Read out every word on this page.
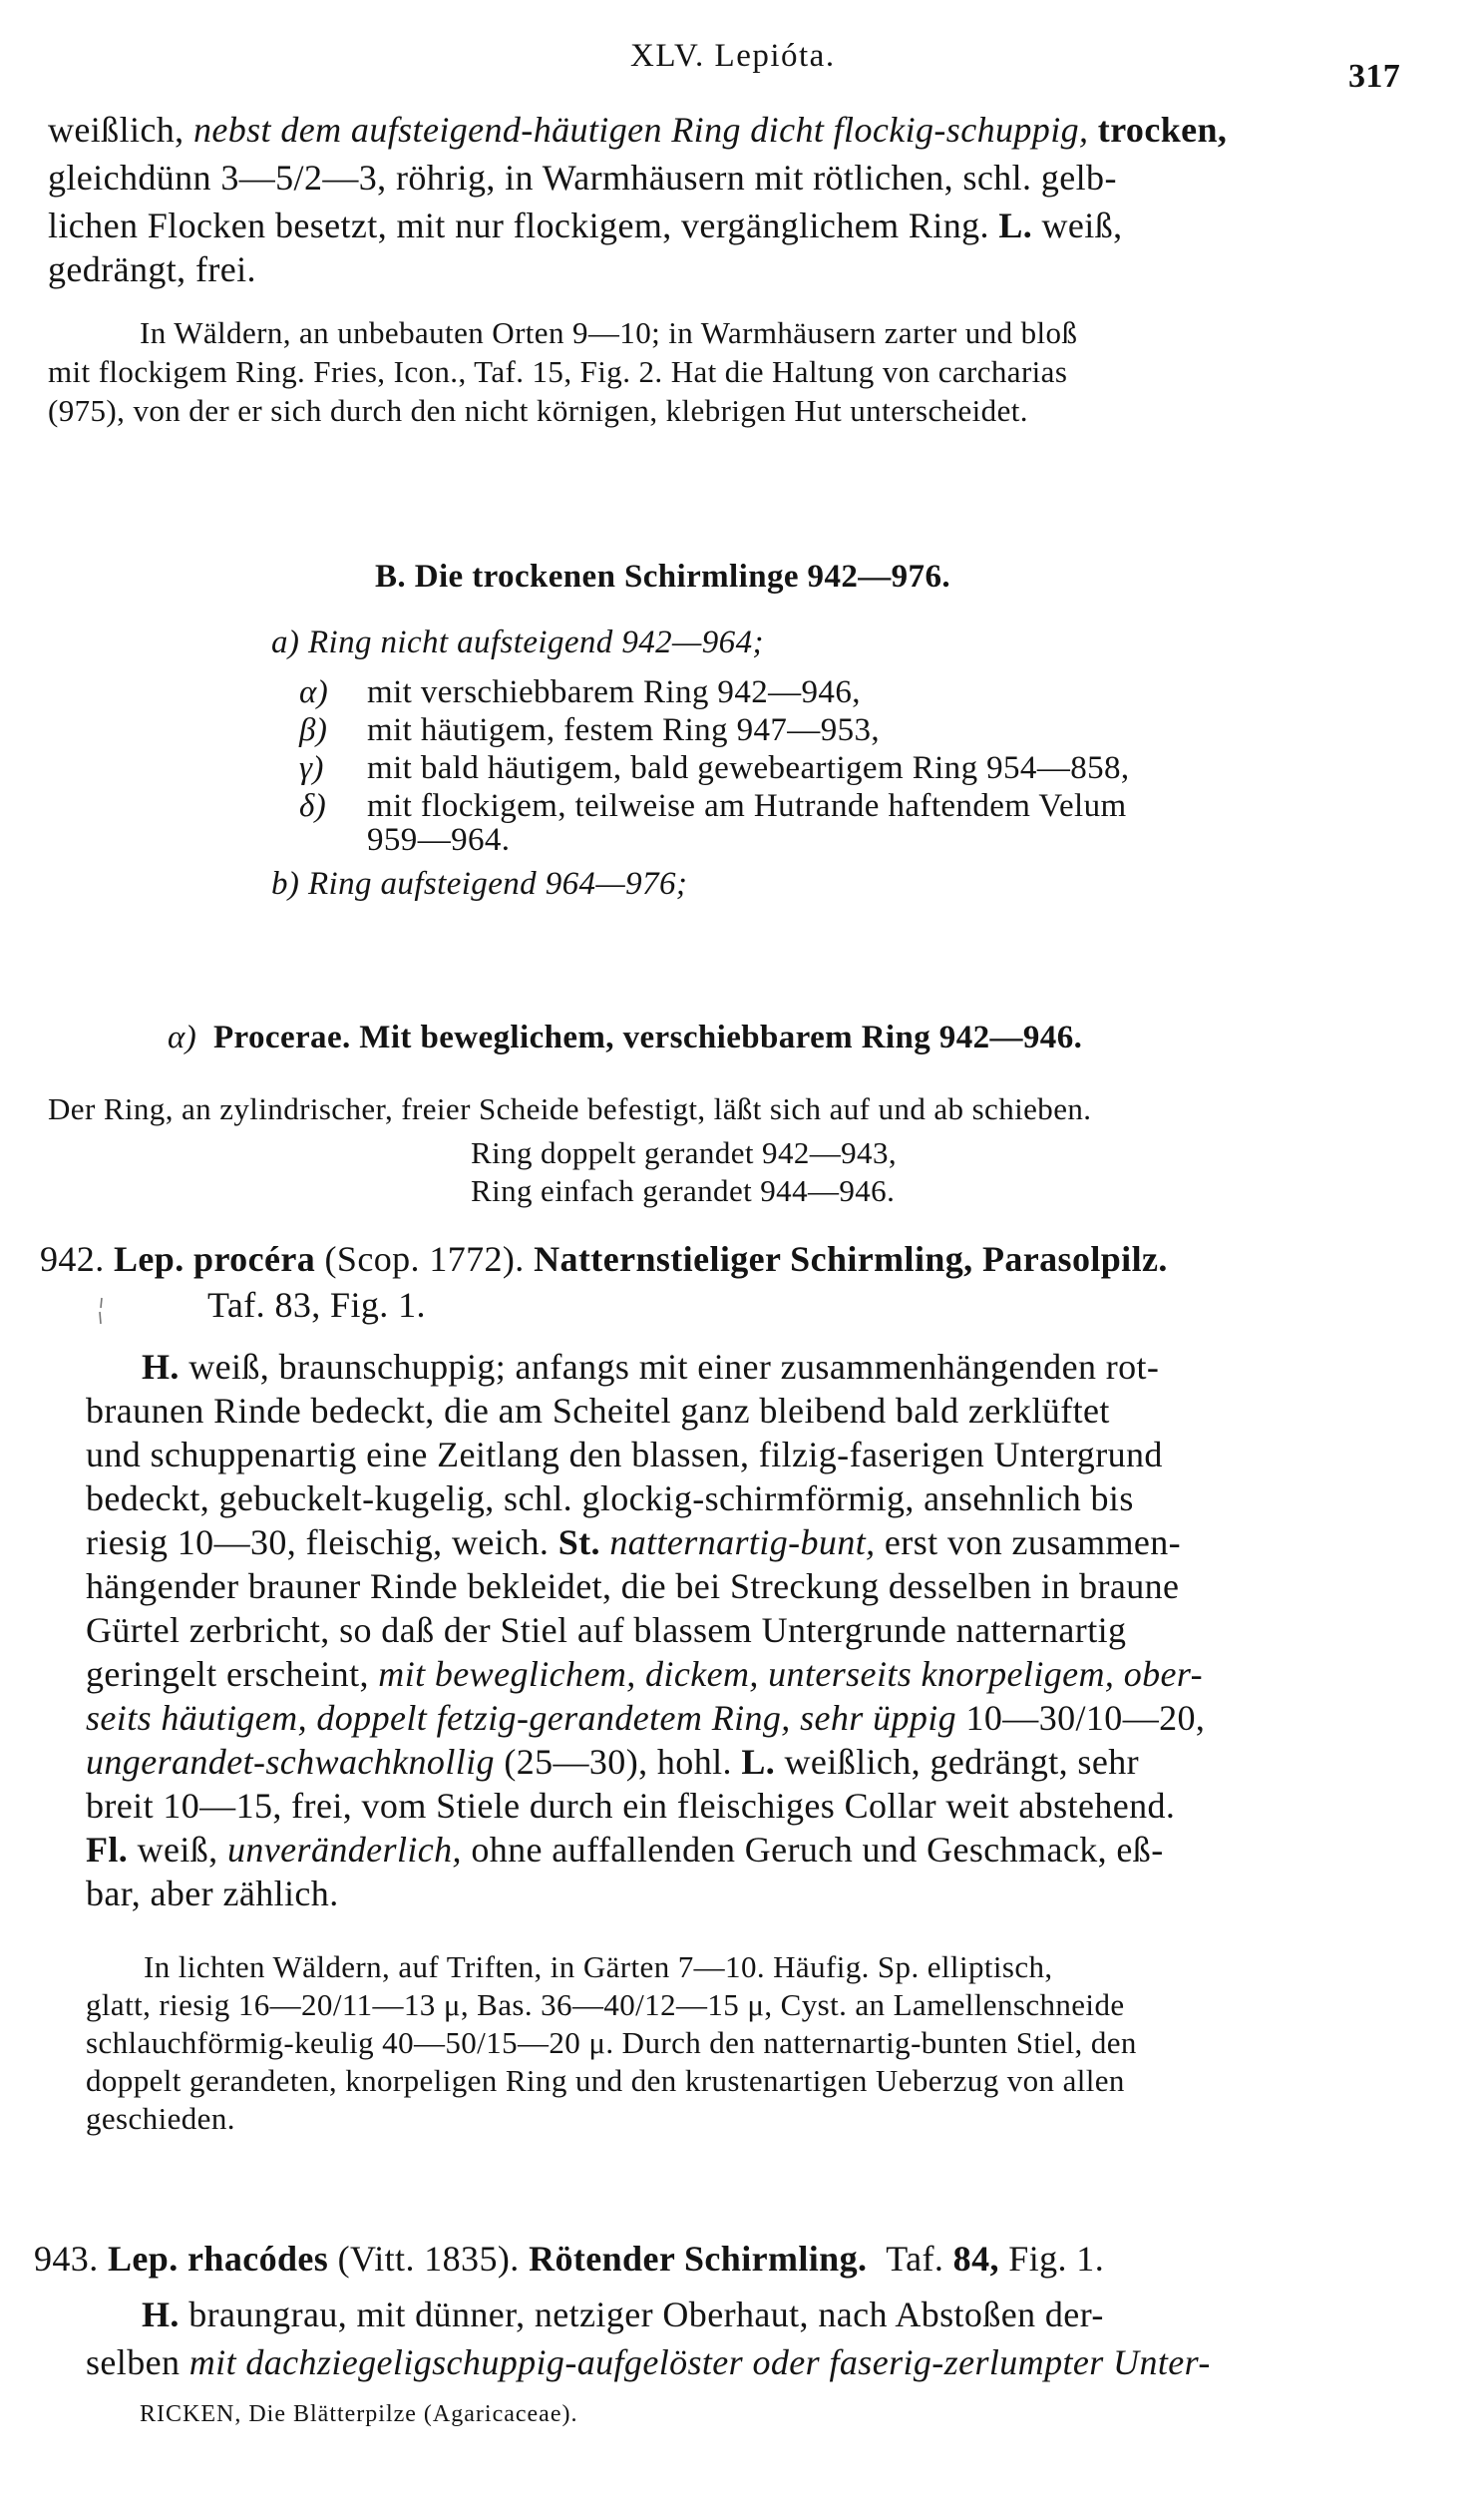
XLV. Lepióta.
317
weißlich, nebst dem aufsteigend-häutigen Ring dicht flockig-schuppig, trocken,
gleichdünn 3—5/2—3, röhrig, in Warmhäusern mit rötlichen, schl. gelb-
lichen Flocken besetzt, mit nur flockigem, vergänglichem Ring. L. weiß,
gedrängt, frei.
In Wäldern, an unbebauten Orten 9—10; in Warmhäusern zarter und bloß
mit flockigem Ring. Fries, Icon., Taf. 15, Fig. 2. Hat die Haltung von carcharias
(975), von der er sich durch den nicht körnigen, klebrigen Hut unterscheidet.
B. Die trockenen Schirmlinge 942—976.
a) Ring nicht aufsteigend 942—964;
α) mit verschiebbarem Ring 942—946,
β) mit häutigem, festem Ring 947—953,
γ) mit bald häutigem, bald gewebeartigem Ring 954—858,
δ) mit flockigem, teilweise am Hutrande haftendem Velum
959—964.
b) Ring aufsteigend 964—976;
α) Procerae. Mit beweglichem, verschiebbarem Ring 942—946.
Der Ring, an zylindrischer, freier Scheide befestigt, läßt sich auf und ab schieben.
Ring doppelt gerandet 942—943,
Ring einfach gerandet 944—946.
942. Lep. procéra (Scop. 1772). Natternstieliger Schirmling, Parasolpilz.
Taf. 83, Fig. 1.
H. weiß, braunschuppig; anfangs mit einer zusammenhängenden rot-
braunen Rinde bedeckt, die am Scheitel ganz bleibend bald zerklüftet
und schuppenartig eine Zeitlang den blassen, filzig-faserigen Untergrund
bedeckt, gebuckelt-kugelig, schl. glockig-schirmförmig, ansehnlich bis
riesig 10—30, fleischig, weich. St. natternartig-bunt, erst von zusammen-
hängender brauner Rinde bekleidet, die bei Streckung desselben in braune
Gürtel zerbricht, so daß der Stiel auf blassem Untergrunde natternartig
geringelt erscheint, mit beweglichem, dickem, unterseits knorpeligem, ober-
seits häutigem, doppelt fetzig-gerandetem Ring, sehr üppig 10—30/10—20,
ungerandet-schwachknollig (25—30), hohl. L. weißlich, gedrängt, sehr
breit 10—15, frei, vom Stiele durch ein fleischiges Collar weit abstehend.
Fl. weiß, unveränderlich, ohne auffallenden Geruch und Geschmack, eß-
bar, aber zählich.
In lichten Wäldern, auf Triften, in Gärten 7—10. Häufig. Sp. elliptisch,
glatt, riesig 16—20/11—13 μ, Bas. 36—40/12—15 μ, Cyst. an Lamellenschneide
schlauchförmig-keulig 40—50/15—20 μ. Durch den natternartig-bunten Stiel, den
doppelt gerandeten, knorpeligen Ring und den krustenartigen Ueberzug von allen
geschieden.
943. Lep. rhacódes (Vitt. 1835). Rötender Schirmling. Taf. 84, Fig. 1.
H. braungrau, mit dünner, netziger Oberhaut, nach Abstoßen der-
selben mit dachziegeligschuppig-aufgelöster oder faserig-zerlumpter Unter-
RICKEN, Die Blätterpilze (Agaricaceae).
